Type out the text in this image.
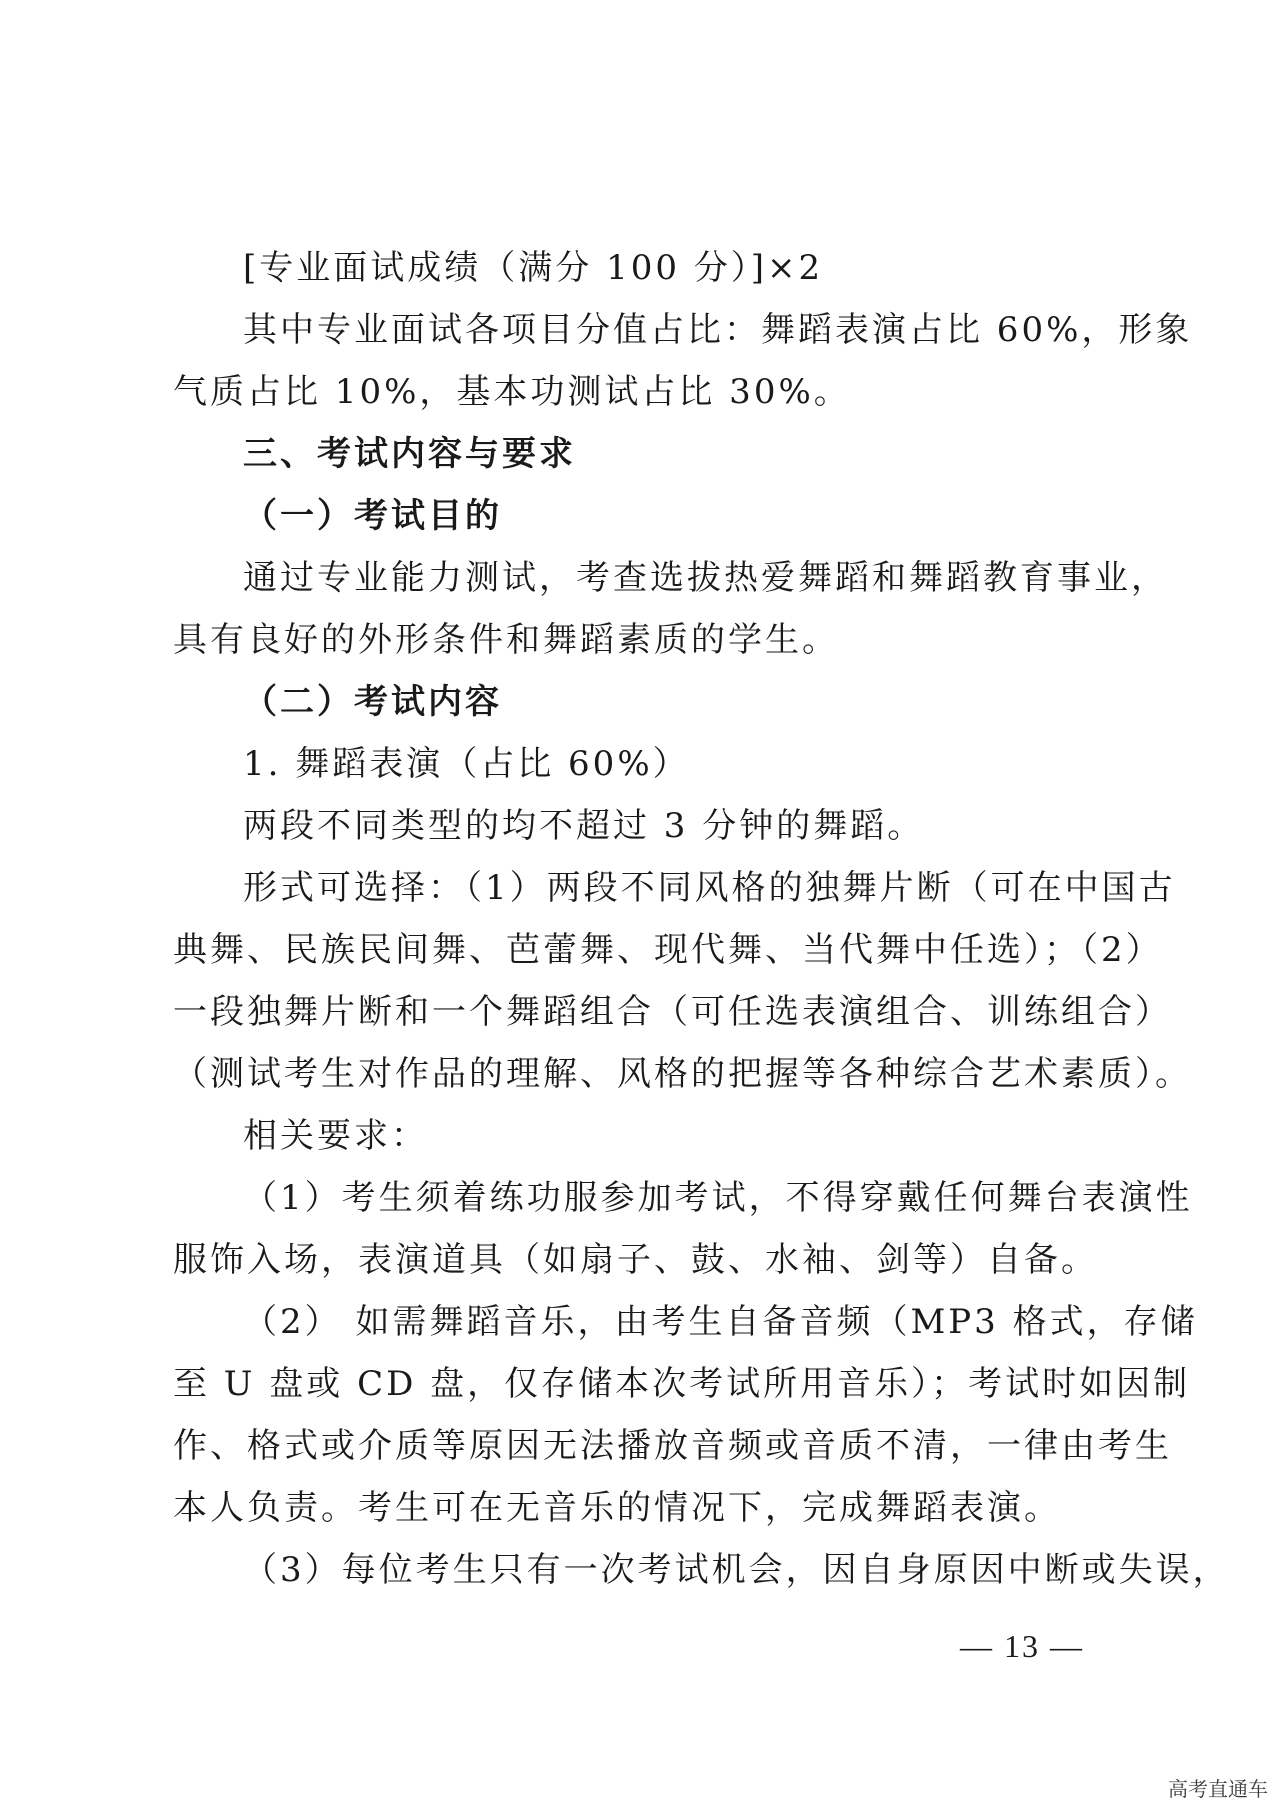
[专业面试成绩（满分 100 分）]×2
其中专业面试各项目分值占比：舞蹈表演占比 60%，形象
气质占比 10%，基本功测试占比 30%。
三、考试内容与要求
（一）考试目的
通过专业能力测试，考查选拔热爱舞蹈和舞蹈教育事业，
具有良好的外形条件和舞蹈素质的学生。
（二）考试内容
1. 舞蹈表演（占比 60%）
两段不同类型的均不超过 3 分钟的舞蹈。
形式可选择：（1）两段不同风格的独舞片断（可在中国古
典舞、民族民间舞、芭蕾舞、现代舞、当代舞中任选）；（2）
一段独舞片断和一个舞蹈组合（可任选表演组合、训练组合）
（测试考生对作品的理解、风格的把握等各种综合艺术素质）。
相关要求：
（1）考生须着练功服参加考试，不得穿戴任何舞台表演性
服饰入场，表演道具（如扇子、鼓、水袖、剑等）自备。
（2） 如需舞蹈音乐，由考生自备音频（MP3 格式，存储
至 U 盘或 CD 盘，仅存储本次考试所用音乐）；考试时如因制
作、格式或介质等原因无法播放音频或音质不清，一律由考生
本人负责。考生可在无音乐的情况下，完成舞蹈表演。
（3）每位考生只有一次考试机会，因自身原因中断或失误，
— 13 —
高考直通车
